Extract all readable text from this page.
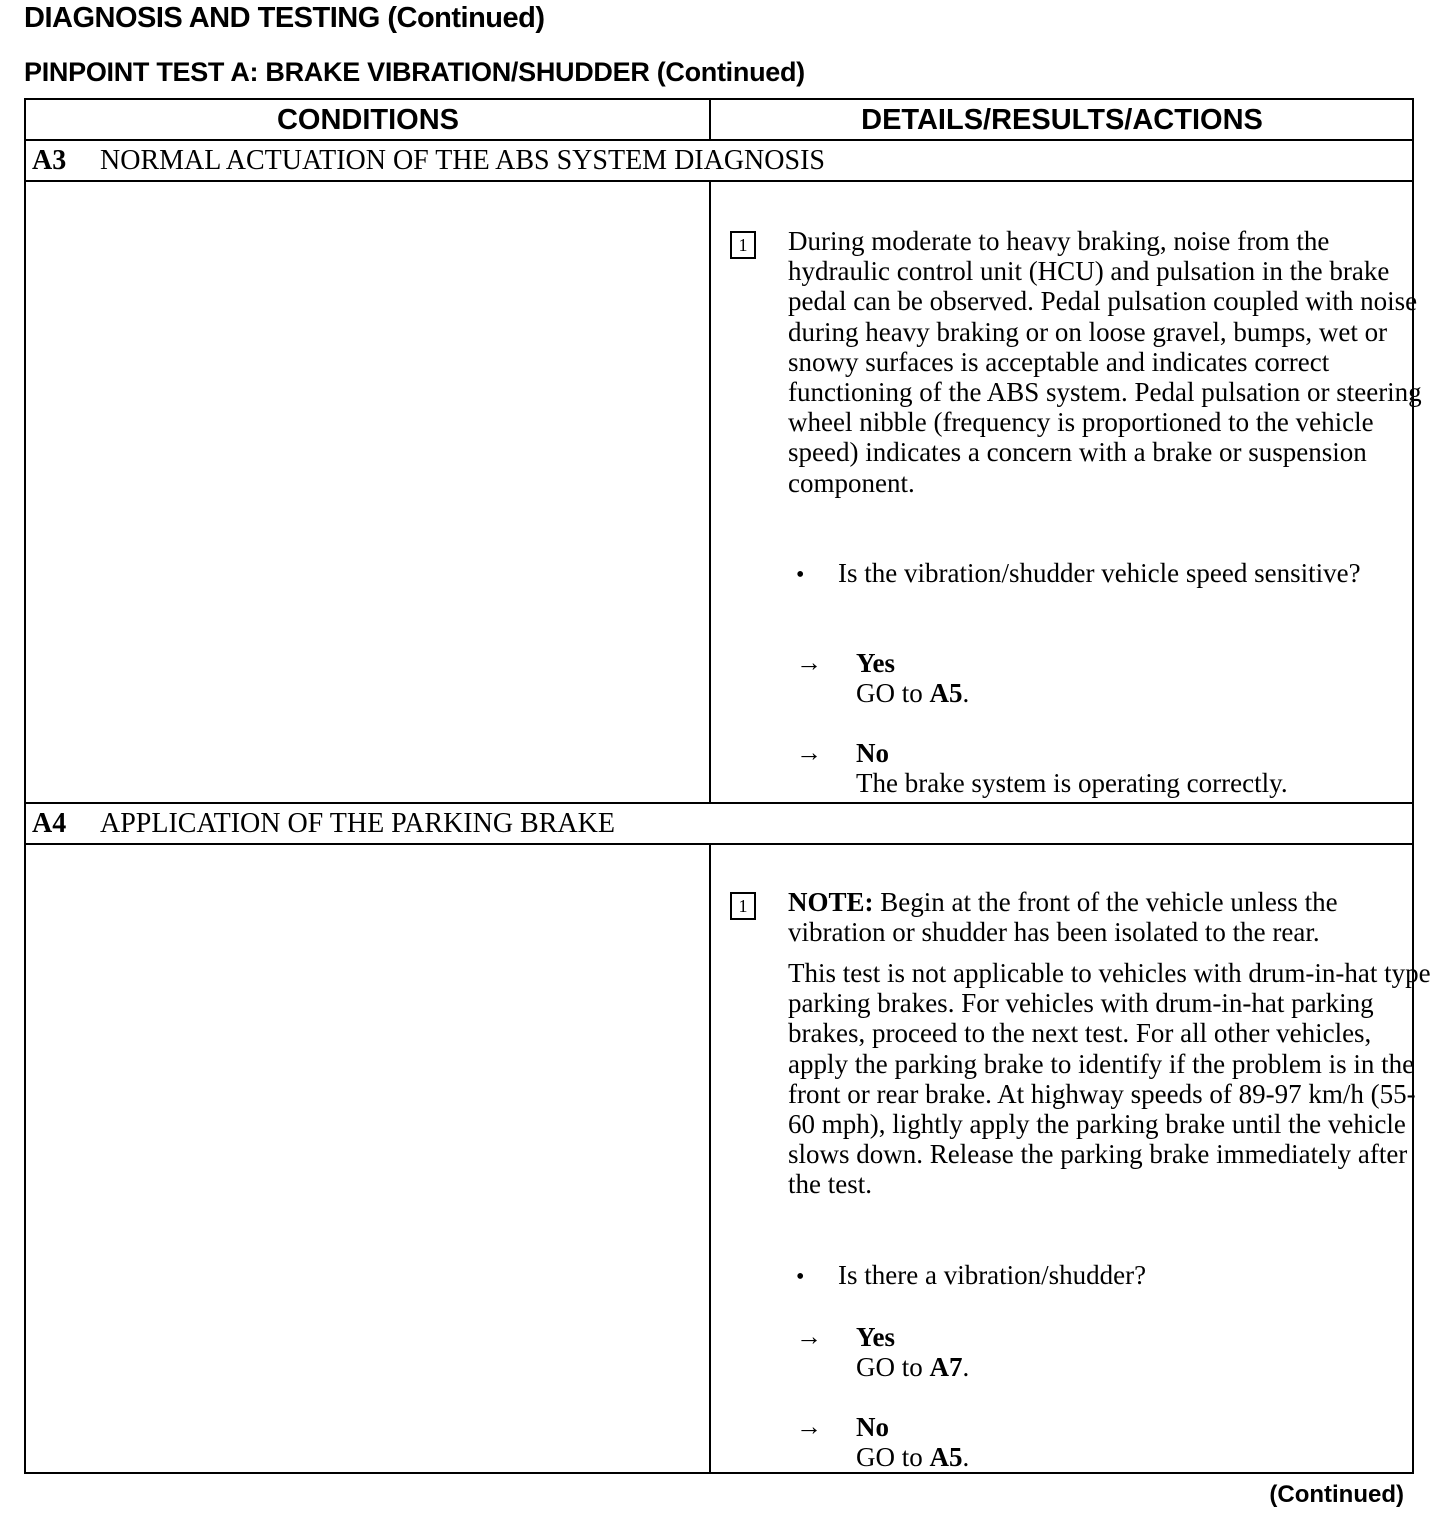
DIAGNOSIS AND TESTING (Continued)
PINPOINT TEST A: BRAKE VIBRATION/SHUDDER (Continued)
CONDITIONS	DETAILS/RESULTS/ACTIONS
A3 NORMAL ACTUATION OF THE ABS SYSTEM DIAGNOSIS
1	During moderate to heavy braking, noise from the hydraulic control unit (HCU) and pulsation in the brake pedal can be observed. Pedal pulsation coupled with noise during heavy braking or on loose gravel, bumps, wet or snowy surfaces is acceptable and indicates correct functioning of the ABS system. Pedal pulsation or steering wheel nibble (frequency is proportioned to the vehicle speed) indicates a concern with a brake or suspension component.
• Is the vibration/shudder vehicle speed sensitive?
→ Yes
GO to A5.
→ No
The brake system is operating correctly.
A4 APPLICATION OF THE PARKING BRAKE
1	NOTE: Begin at the front of the vehicle unless the vibration or shudder has been isolated to the rear.
This test is not applicable to vehicles with drum-in-hat type parking brakes. For vehicles with drum-in-hat parking brakes, proceed to the next test. For all other vehicles, apply the parking brake to identify if the problem is in the front or rear brake. At highway speeds of 89-97 km/h (55-60 mph), lightly apply the parking brake until the vehicle slows down. Release the parking brake immediately after the test.
• Is there a vibration/shudder?
→ Yes
GO to A7.
→ No
GO to A5.
(Continued)
